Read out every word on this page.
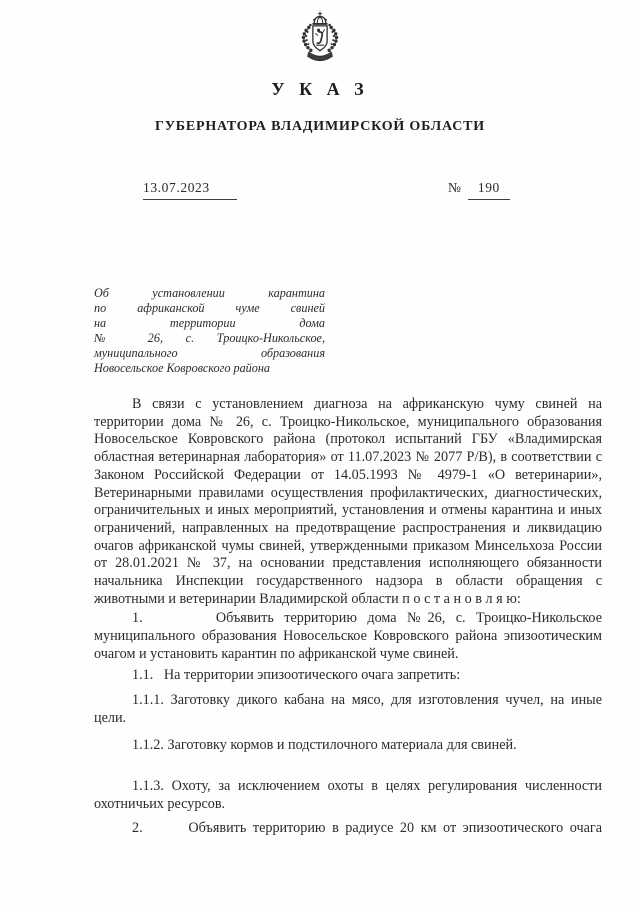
У К А З
ГУБЕРНАТОРА ВЛАДИМИРСКОЙ ОБЛАСТИ
13.07.2023	№	190
Об установлении карантина
по африканской чуме свиней
на территории дома
№ 26, с. Троицко-Никольское,
муниципального образования
Новосельское Ковровского района

В связи с установлением диагноза на африканскую чуму свиней на территории дома № 26, с. Троицко-Никольское, муниципального образования Новосельское Ковровского района (протокол испытаний ГБУ «Владимирская областная ветеринарная лаборатория» от 11.07.2023 № 2077 Р/В), в соответствии с Законом Российской Федерации от 14.05.1993 № 4979-1 «О ветеринарии», Ветеринарными правилами осуществления профилактических, диагностических, ограничительных и иных мероприятий, установления и отмены карантина и иных ограничений, направленных на предотвращение распространения и ликвидацию очагов африканской чумы свиней, утвержденными приказом Минсельхоза России от 28.01.2021 № 37, на основании представления исполняющего обязанности начальника Инспекции государственного надзора в области обращения с животными и ветеринарии Владимирской области п о с т а н о в л я ю:

1.       Объявить территорию дома №26, с. Троицко-Никольское муниципального образования Новосельское Ковровского района эпизоотическим очагом и установить карантин по африканской чуме свиней.

1.1.   На территории эпизоотического очага запретить:

1.1.1. Заготовку дикого кабана на мясо, для изготовления чучел, на иные цели.

1.1.2. Заготовку кормов и подстилочного материала для свиней.

1.1.3. Охоту, за исключением охоты в целях регулирования численности охотничьих ресурсов.

2.       Объявить территорию в радиусе 20 км от эпизоотического очага
